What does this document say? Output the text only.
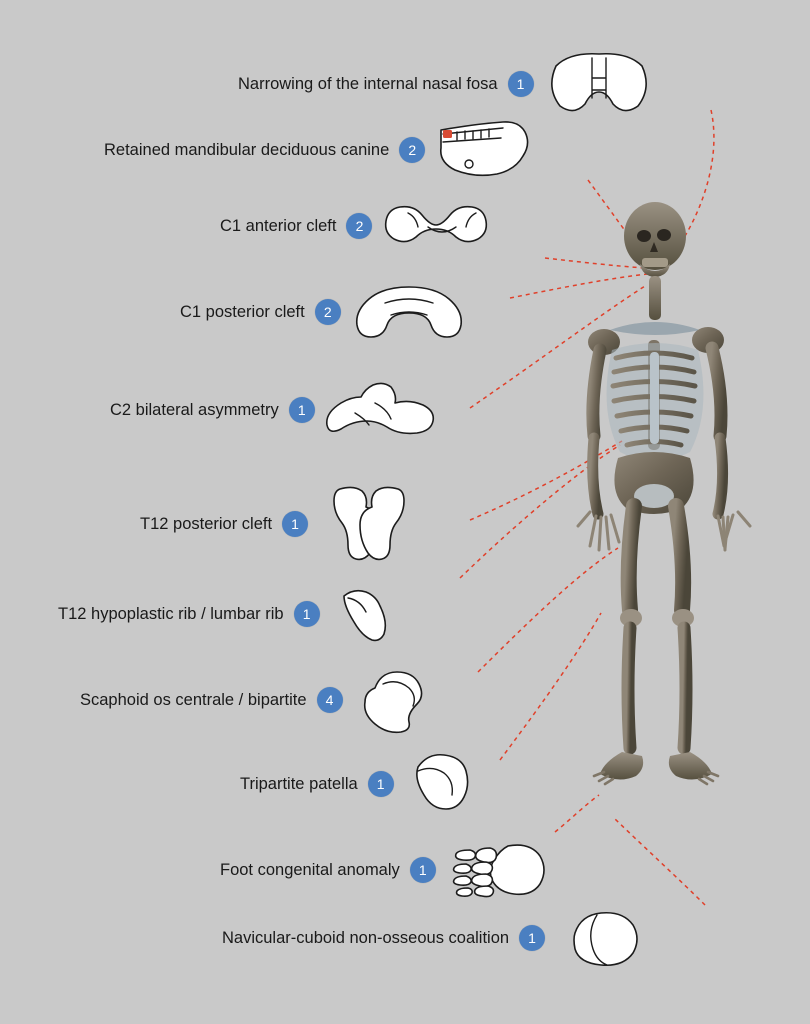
Narrowing of the internal nasal fosa	1
Retained mandibular deciduous canine	2
C1 anterior cleft	2
C1 posterior cleft	2
C2 bilateral asymmetry	1
T12 posterior cleft	1
T12 hypoplastic rib / lumbar rib	1
Scaphoid os centrale / bipartite	4
Tripartite patella	1
Foot congenital anomaly	1
Navicular-cuboid non-osseous coalition	1
